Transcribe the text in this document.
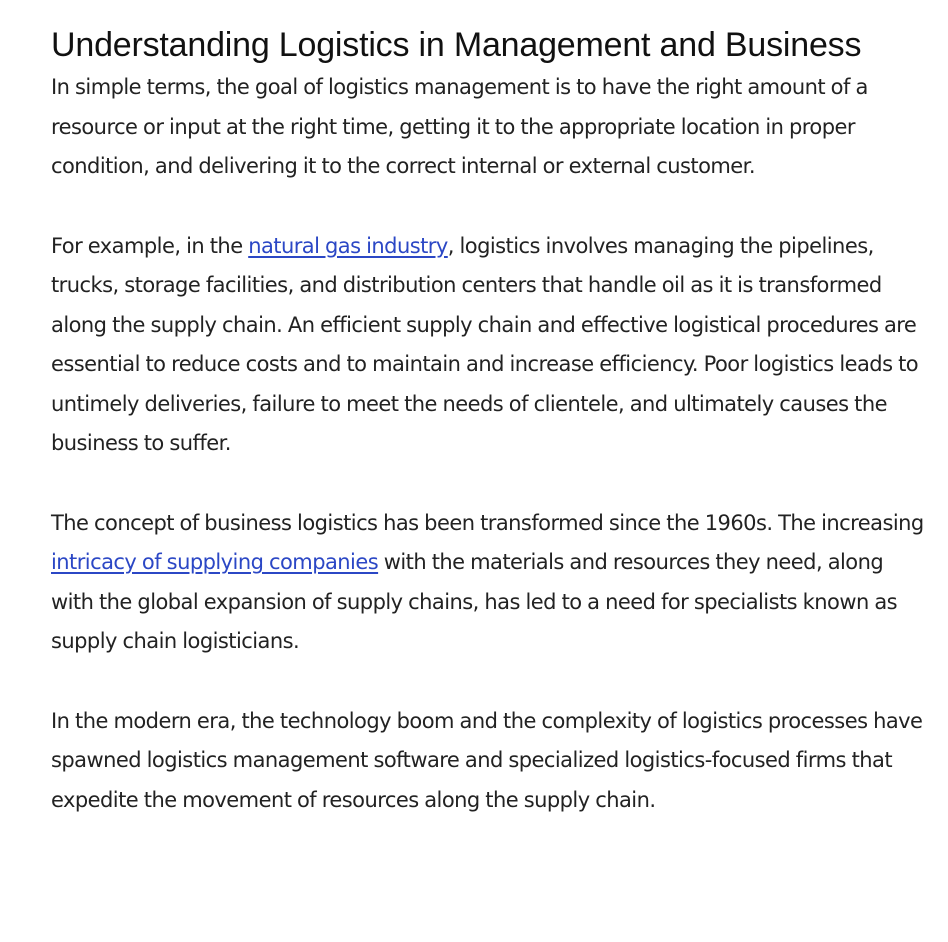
Understanding Logistics in Management and Business

In simple terms, the goal of logistics management is to have the right amount of a resource or input at the right time, getting it to the appropriate location in proper condition, and delivering it to the correct internal or external customer.

For example, in the natural gas industry, logistics involves managing the pipelines, trucks, storage facilities, and distribution centers that handle oil as it is transformed along the supply chain. An efficient supply chain and effective logistical procedures are essential to reduce costs and to maintain and increase efficiency. Poor logistics leads to untimely deliveries, failure to meet the needs of clientele, and ultimately causes the business to suffer.

The concept of business logistics has been transformed since the 1960s. The increasing intricacy of supplying companies with the materials and resources they need, along with the global expansion of supply chains, has led to a need for specialists known as supply chain logisticians.

In the modern era, the technology boom and the complexity of logistics processes have spawned logistics management software and specialized logistics-focused firms that expedite the movement of resources along the supply chain.
